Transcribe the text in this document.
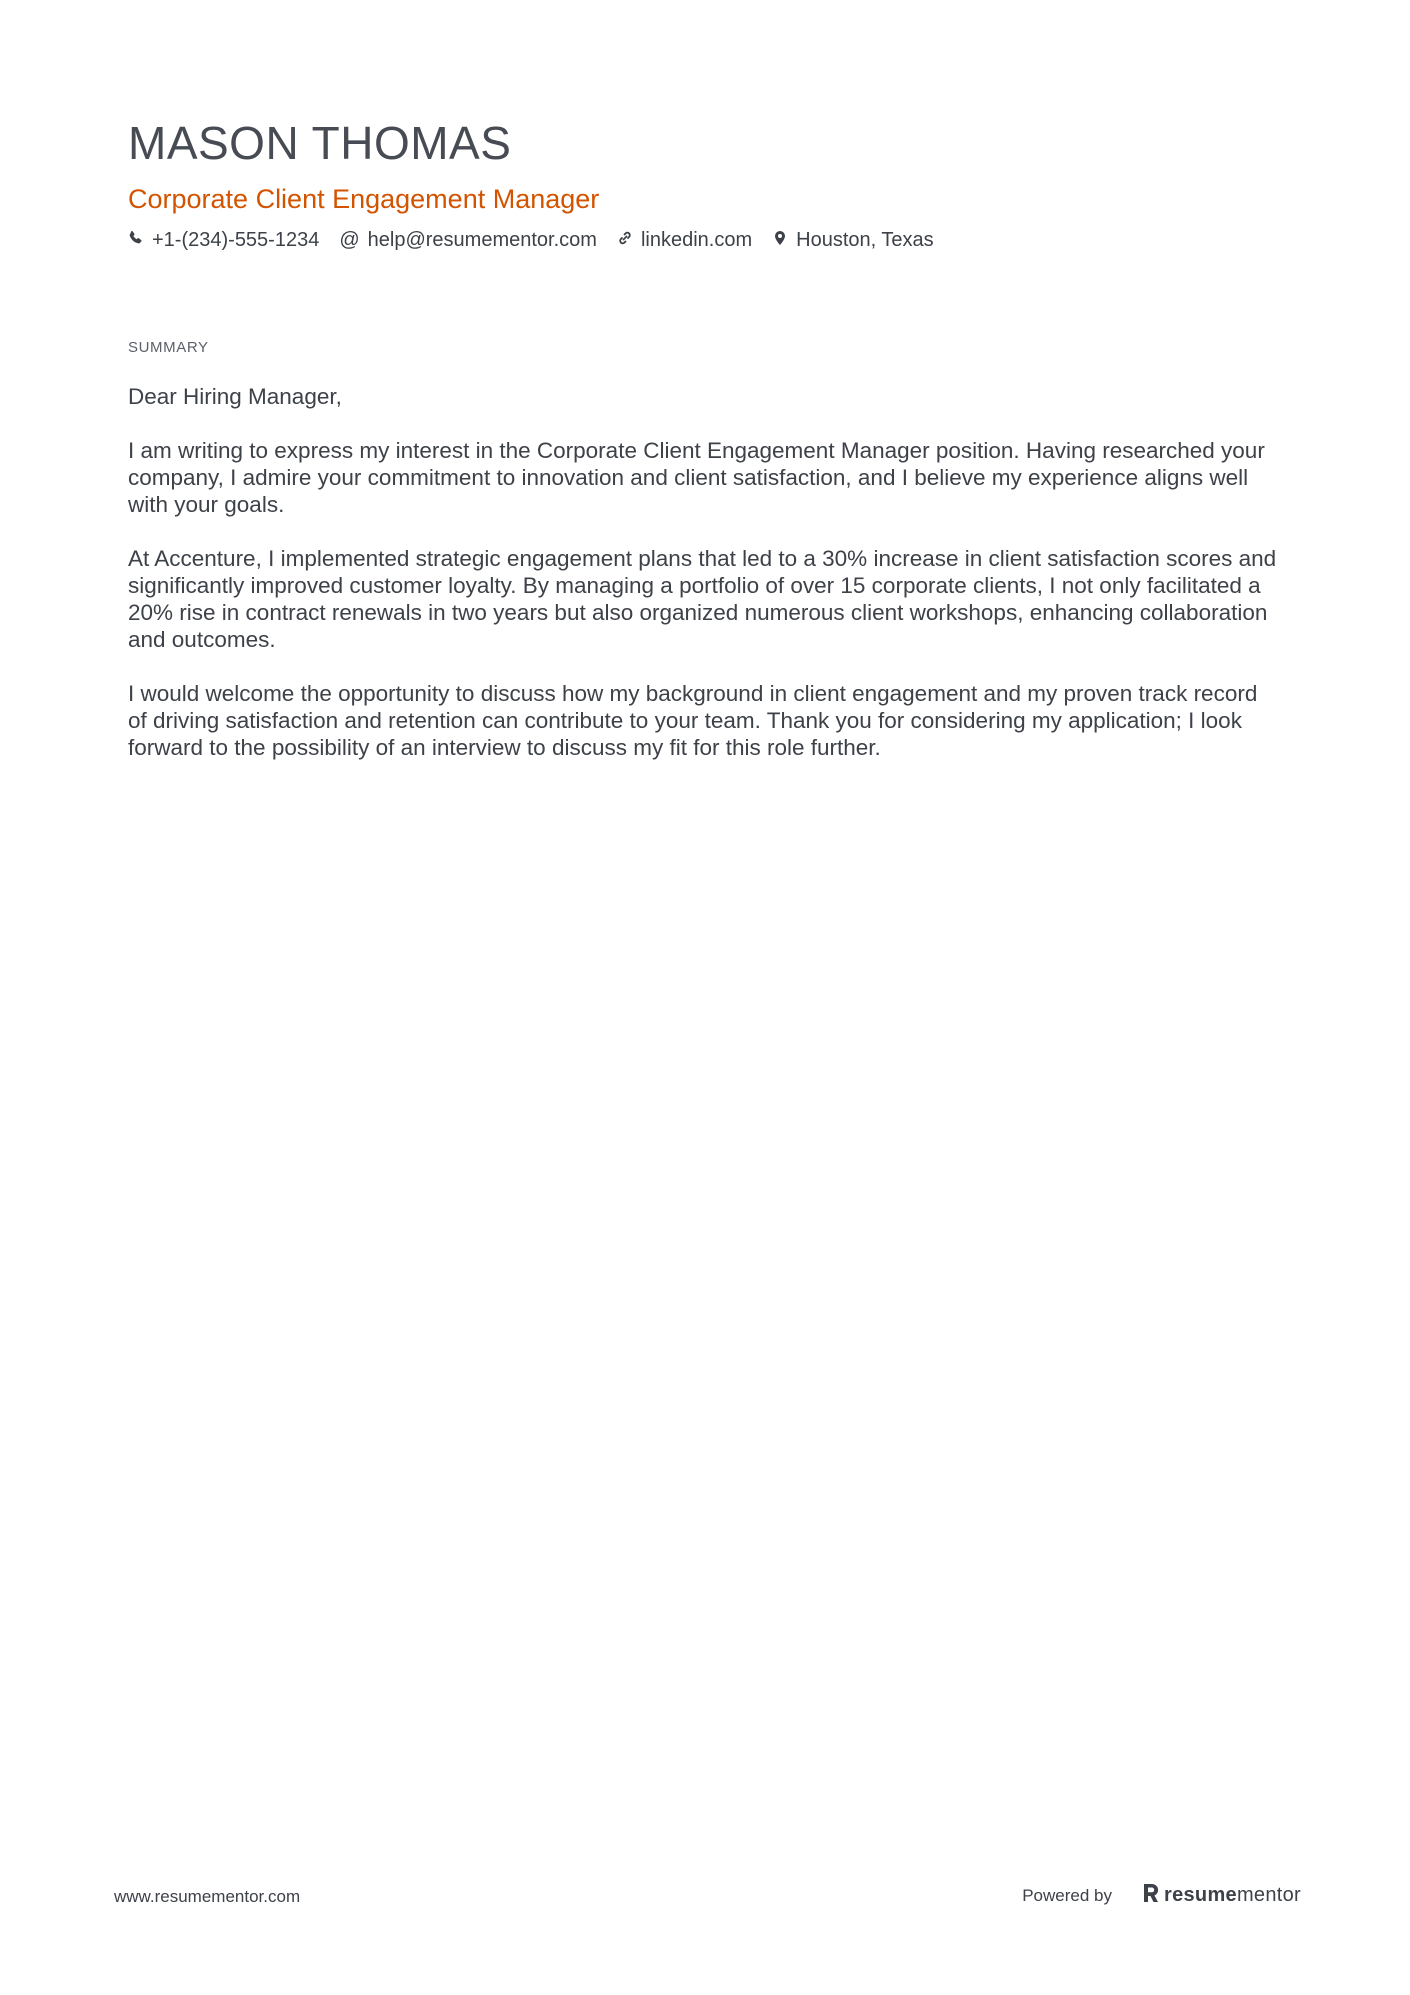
MASON THOMAS
Corporate Client Engagement Manager
+1-(234)-555-1234 @ help@resumementor.com linkedin.com Houston, Texas
SUMMARY

Dear Hiring Manager,

I am writing to express my interest in the Corporate Client Engagement Manager position. Having researched your company, I admire your commitment to innovation and client satisfaction, and I believe my experience aligns well with your goals.

At Accenture, I implemented strategic engagement plans that led to a 30% increase in client satisfaction scores and significantly improved customer loyalty. By managing a portfolio of over 15 corporate clients, I not only facilitated a 20% rise in contract renewals in two years but also organized numerous client workshops, enhancing collaboration and outcomes.

I would welcome the opportunity to discuss how my background in client engagement and my proven track record of driving satisfaction and retention can contribute to your team. Thank you for considering my application; I look forward to the possibility of an interview to discuss my fit for this role further.

www.resumementor.com	Powered by	resumementor
